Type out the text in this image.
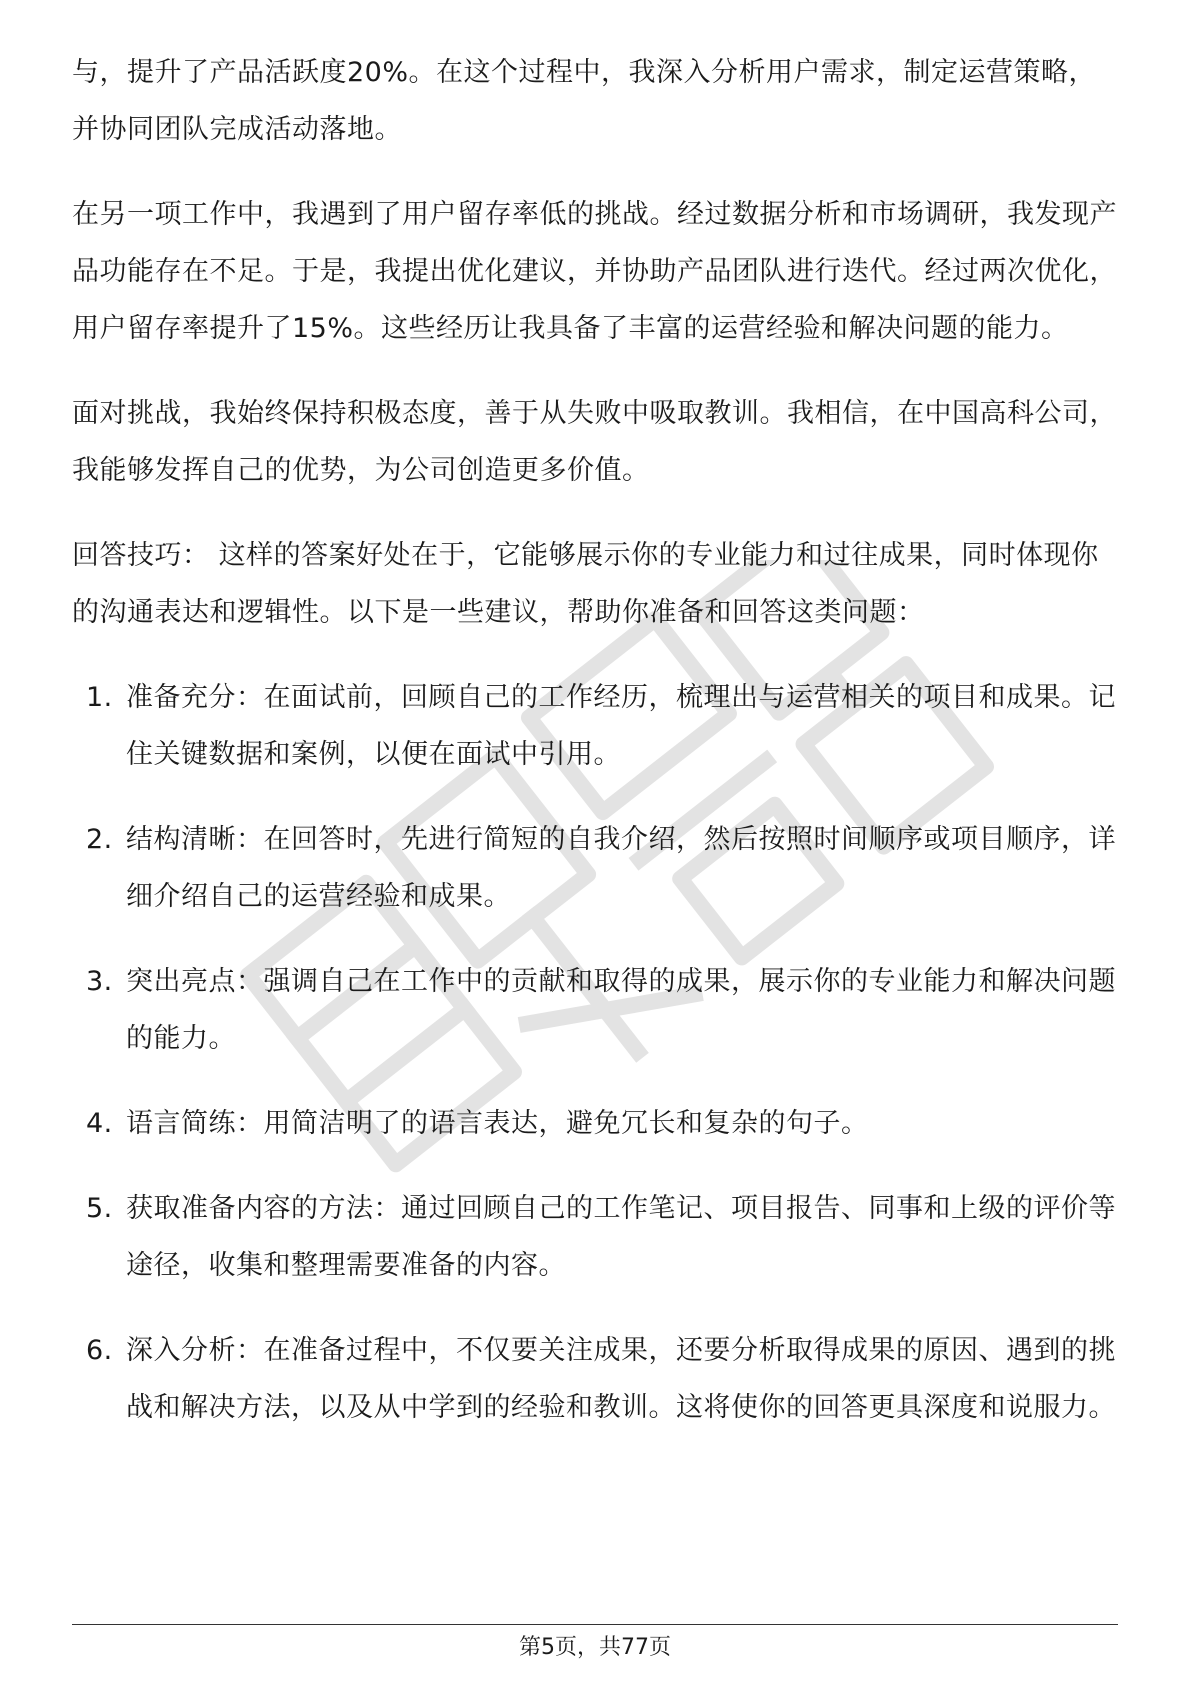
与，提升了产品活跃度20%。在这个过程中，我深入分析用户需求，制定运营策略，并协同团队完成活动落地。

在另一项工作中，我遇到了用户留存率低的挑战。经过数据分析和市场调研，我发现产品功能存在不足。于是，我提出优化建议，并协助产品团队进行迭代。经过两次优化，用户留存率提升了15%。这些经历让我具备了丰富的运营经验和解决问题的能力。

面对挑战，我始终保持积极态度，善于从失败中吸取教训。我相信，在中国高科公司，我能够发挥自己的优势，为公司创造更多价值。

回答技巧： 这样的答案好处在于，它能够展示你的专业能力和过往成果，同时体现你的沟通表达和逻辑性。以下是一些建议，帮助你准备和回答这类问题：

1. 准备充分：在面试前，回顾自己的工作经历，梳理出与运营相关的项目和成果。记住关键数据和案例，以便在面试中引用。
2. 结构清晰：在回答时，先进行简短的自我介绍，然后按照时间顺序或项目顺序，详细介绍自己的运营经验和成果。
3. 突出亮点：强调自己在工作中的贡献和取得的成果，展示你的专业能力和解决问题的能力。
4. 语言简练：用简洁明了的语言表达，避免冗长和复杂的句子。
5. 获取准备内容的方法：通过回顾自己的工作笔记、项目报告、同事和上级的评价等途径，收集和整理需要准备的内容。
6. 深入分析：在准备过程中，不仅要关注成果，还要分析取得成果的原因、遇到的挑战和解决方法，以及从中学到的经验和教训。这将使你的回答更具深度和说服力。
第5页，共77页
